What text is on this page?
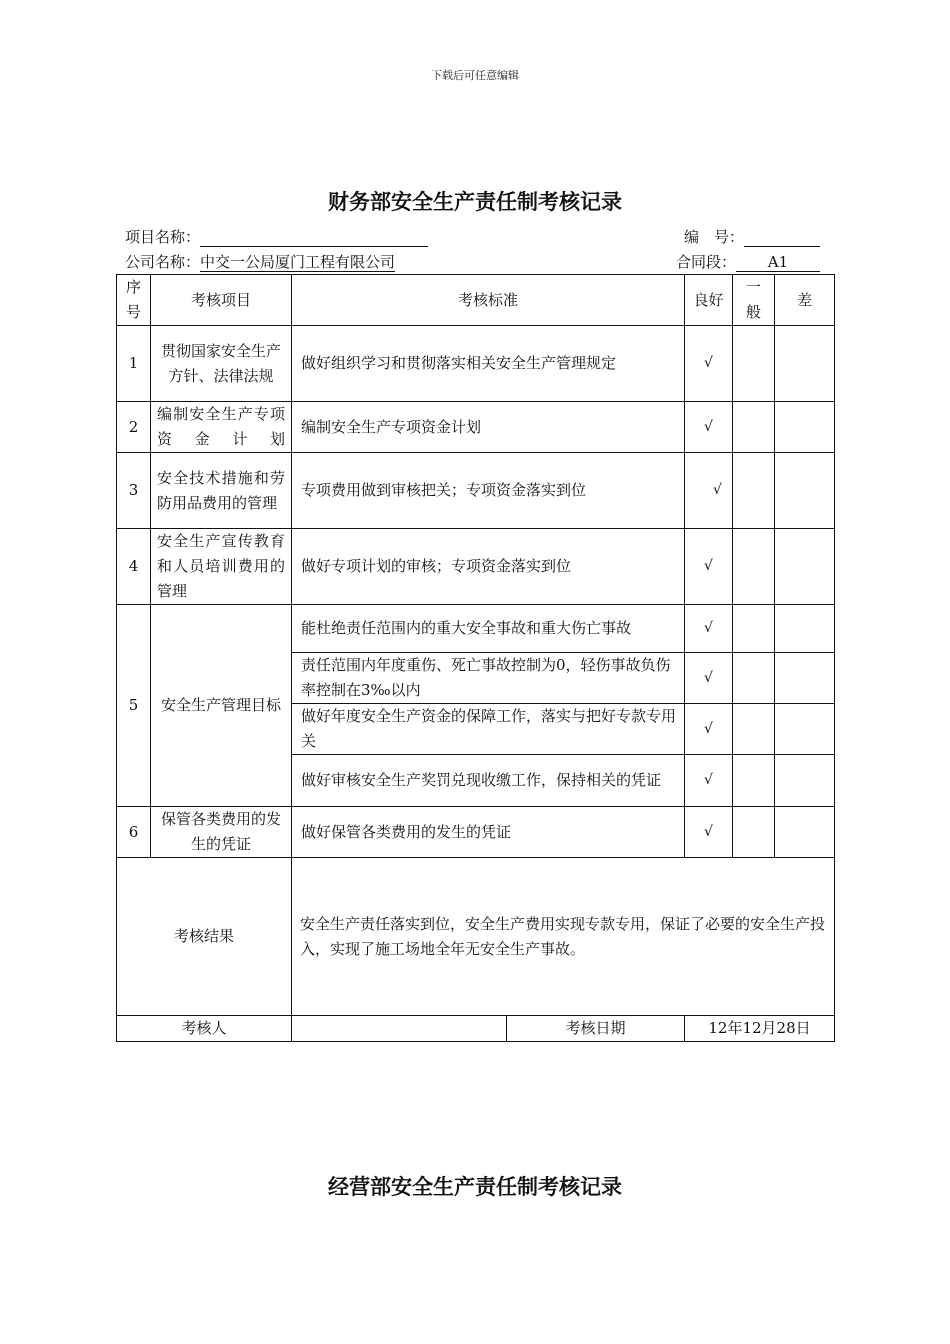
下载后可任意编辑
财务部安全生产责任制考核记录
项目名称：	编　号：
公司名称：中交一公局厦门工程有限公司	合同段： A1
序号	考核项目	考核标准		良好	一般	差
1	贯彻国家安全生产方针、法律法规	做好组织学习和贯彻落实相关安全生产管理规定		√		
2	编制安全生产专项资金计划	编制安全生产专项资金计划		√		
3	安全技术措施和劳防用品费用的管理	专项费用做到审核把关；专项资金落实到位		√		
4	安全生产宣传教育和人员培训费用的管理	做好专项计划的审核；专项资金落实到位		√		
5	安全生产管理目标	能杜绝责任范围内的重大安全事故和重大伤亡事故		√		
		责任范围内年度重伤、死亡事故控制为0，轻伤事故负伤率控制在3‰以内		√		
		做好年度安全生产资金的保障工作，落实与把好专款专用关		√		
		做好审核安全生产奖罚兑现收缴工作，保持相关的凭证		√		
6	保管各类费用的发生的凭证	做好保管各类费用的发生的凭证		√		
考核结果		安全生产责任落实到位，安全生产费用实现专款专用，保证了必要的安全生产投入，实现了施工场地全年无安全生产事故。				
考核人			考核日期	12年12月28日		
经营部安全生产责任制考核记录
